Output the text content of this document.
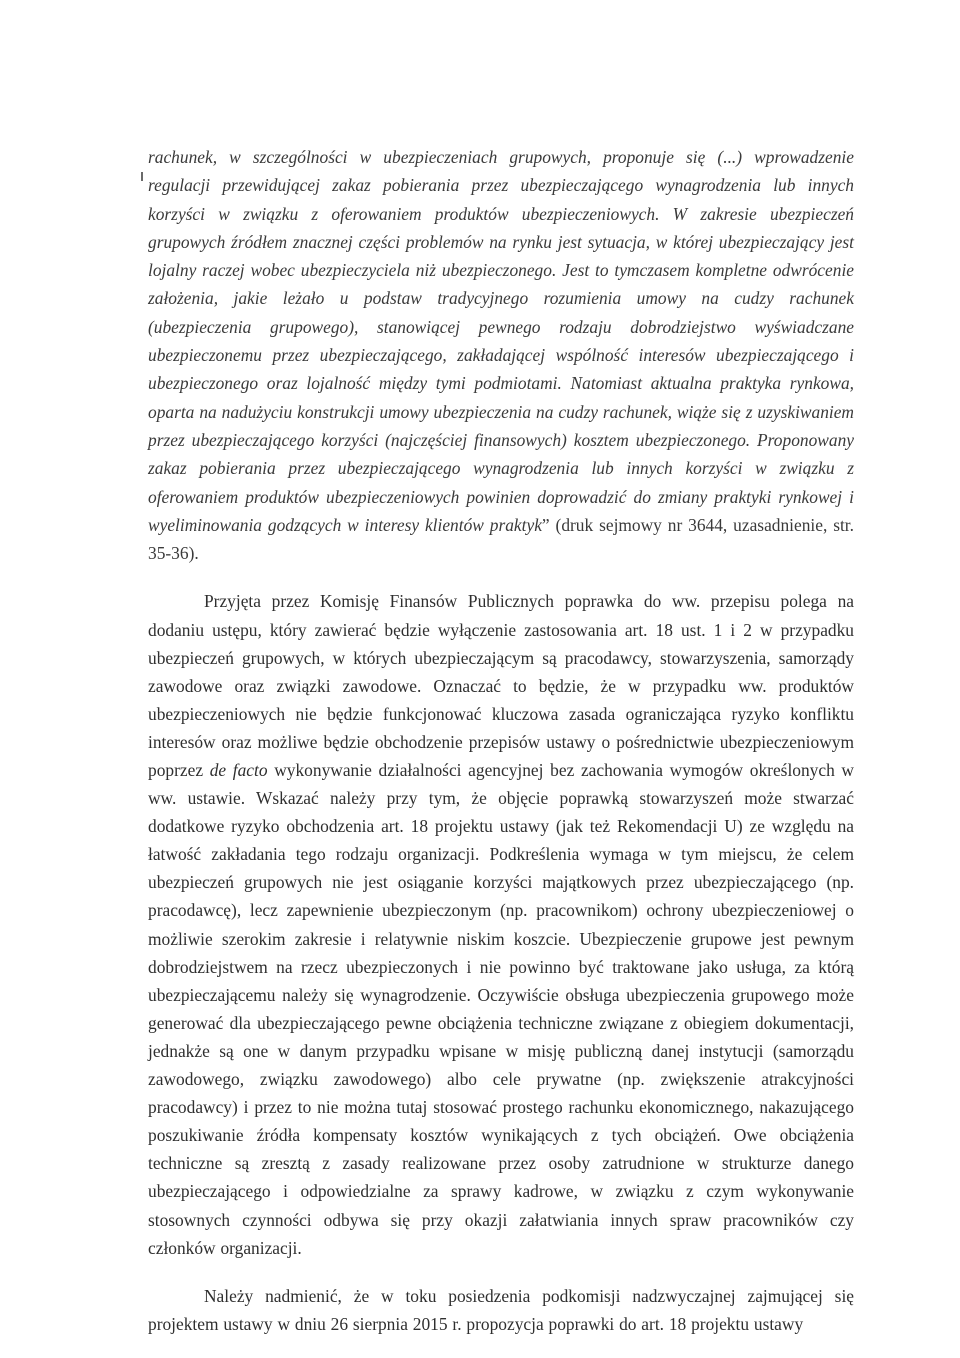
rachunek, w szczególności w ubezpieczeniach grupowych, proponuje się (...) wprowadzenie regulacji przewidującej zakaz pobierania przez ubezpieczającego wynagrodzenia lub innych korzyści w związku z oferowaniem produktów ubezpieczeniowych. W zakresie ubezpieczeń grupowych źródłem znacznej części problemów na rynku jest sytuacja, w której ubezpieczający jest lojalny raczej wobec ubezpieczyciela niż ubezpieczonego. Jest to tymczasem kompletne odwrócenie założenia, jakie leżało u podstaw tradycyjnego rozumienia umowy na cudzy rachunek (ubezpieczenia grupowego), stanowiącej pewnego rodzaju dobrodziejstwo wyświadczane ubezpieczonemu przez ubezpieczającego, zakładającej wspólność interesów ubezpieczającego i ubezpieczonego oraz lojalność między tymi podmiotami. Natomiast aktualna praktyka rynkowa, oparta na nadużyciu konstrukcji umowy ubezpieczenia na cudzy rachunek, wiąże się z uzyskiwaniem przez ubezpieczającego korzyści (najczęściej finansowych) kosztem ubezpieczonego. Proponowany zakaz pobierania przez ubezpieczającego wynagrodzenia lub innych korzyści w związku z oferowaniem produktów ubezpieczeniowych powinien doprowadzić do zmiany praktyki rynkowej i wyeliminowania godzących w interesy klientów praktyk” (druk sejmowy nr 3644, uzasadnienie, str. 35-36).

Przyjęta przez Komisję Finansów Publicznych poprawka do ww. przepisu polega na dodaniu ustępu, który zawierać będzie wyłączenie zastosowania art. 18 ust. 1 i 2 w przypadku ubezpieczeń grupowych, w których ubezpieczającym są pracodawcy, stowarzyszenia, samorządy zawodowe oraz związki zawodowe. Oznaczać to będzie, że w przypadku ww. produktów ubezpieczeniowych nie będzie funkcjonować kluczowa zasada ograniczająca ryzyko konfliktu interesów oraz możliwe będzie obchodzenie przepisów ustawy o pośrednictwie ubezpieczeniowym poprzez de facto wykonywanie działalności agencyjnej bez zachowania wymogów określonych w ww. ustawie. Wskazać należy przy tym, że objęcie poprawką stowarzyszeń może stwarzać dodatkowe ryzyko obchodzenia art. 18 projektu ustawy (jak też Rekomendacji U) ze względu na łatwość zakładania tego rodzaju organizacji. Podkreślenia wymaga w tym miejscu, że celem ubezpieczeń grupowych nie jest osiąganie korzyści majątkowych przez ubezpieczającego (np. pracodawcę), lecz zapewnienie ubezpieczonym (np. pracownikom) ochrony ubezpieczeniowej o możliwie szerokim zakresie i relatywnie niskim koszcie. Ubezpieczenie grupowe jest pewnym dobrodziejstwem na rzecz ubezpieczonych i nie powinno być traktowane jako usługa, za którą ubezpieczającemu należy się wynagrodzenie. Oczywiście obsługa ubezpieczenia grupowego może generować dla ubezpieczającego pewne obciążenia techniczne związane z obiegiem dokumentacji, jednakże są one w danym przypadku wpisane w misję publiczną danej instytucji (samorządu zawodowego, związku zawodowego) albo cele prywatne (np. zwiększenie atrakcyjności pracodawcy) i przez to nie można tutaj stosować prostego rachunku ekonomicznego, nakazującego poszukiwanie źródła kompensaty kosztów wynikających z tych obciążeń. Owe obciążenia techniczne są zresztą z zasady realizowane przez osoby zatrudnione w strukturze danego ubezpieczającego i odpowiedzialne za sprawy kadrowe, w związku z czym wykonywanie stosownych czynności odbywa się przy okazji załatwiania innych spraw pracowników czy członków organizacji.

Należy nadmienić, że w toku posiedzenia podkomisji nadzwyczajnej zajmującej się projektem ustawy w dniu 26 sierpnia 2015 r. propozycja poprawki do art. 18 projektu ustawy
